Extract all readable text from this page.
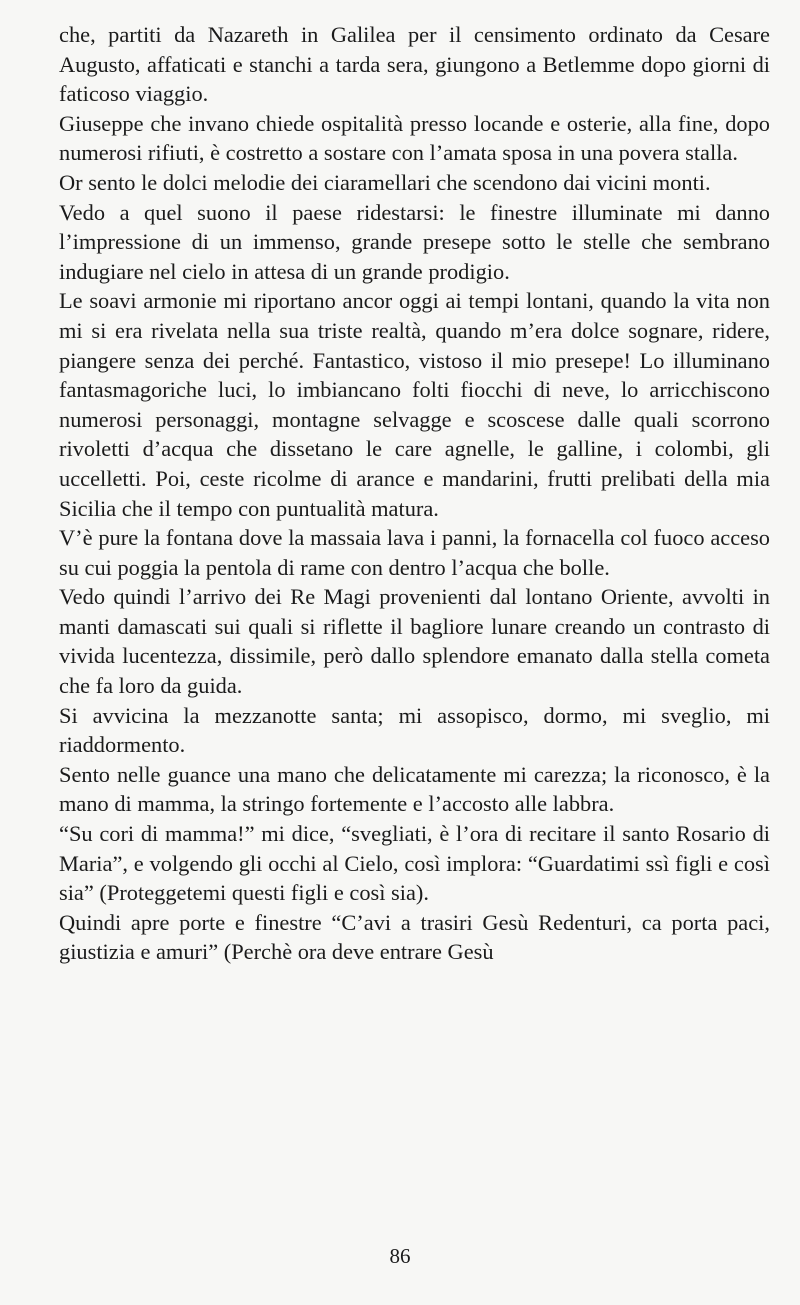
che, partiti da Nazareth in Galilea per il censimento ordinato da Cesare Augusto, affaticati e stanchi a tarda sera, giungono a Betlemme dopo giorni di faticoso viaggio.

Giuseppe che invano chiede ospitalità presso locande e osterie, alla fine, dopo numerosi rifiuti, è costretto a sostare con l’amata sposa in una povera stalla.

Or sento le dolci melodie dei ciaramellari che scendono dai vicini monti.

Vedo a quel suono il paese ridestarsi: le finestre illuminate mi danno l’impressione di un immenso, grande presepe sotto le stelle che sembrano indugiare nel cielo in attesa di un grande prodigio.

Le soavi armonie mi riportano ancor oggi ai tempi lontani, quando la vita non mi si era rivelata nella sua triste realtà, quando m’era dolce sognare, ridere, piangere senza dei perché. Fantastico, vistoso il mio presepe! Lo illuminano fantasmagoriche luci, lo imbiancano folti fiocchi di neve, lo arricchiscono numerosi personaggi, montagne selvagge e scoscese dalle quali scorrono rivoletti d’acqua che dissetano le care agnelle, le galline, i colombi, gli uccelletti. Poi, ceste ricolme di arance e mandarini, frutti prelibati della mia Sicilia che il tempo con puntualità matura.

V’è pure la fontana dove la massaia lava i panni, la fornacella col fuoco acceso su cui poggia la pentola di rame con dentro l’acqua che bolle.

Vedo quindi l’arrivo dei Re Magi provenienti dal lontano Oriente, avvolti in manti damascati sui quali si riflette il bagliore lunare creando un contrasto di vivida lucentezza, dissimile, però dallo splendore emanato dalla stella cometa che fa loro da guida.

Si avvicina la mezzanotte santa; mi assopisco, dormo, mi sveglio, mi riaddormento.

Sento nelle guance una mano che delicatamente mi carezza; la riconosco, è la mano di mamma, la stringo fortemente e l’accosto alle labbra.

“Su cori di mamma!” mi dice, “svegliati, è l’ora di recitare il santo Rosario di Maria”, e volgendo gli occhi al Cielo, così implora: “Guardatimi ssì figli e così sia” (Proteggetemi questi figli e così sia).

Quindi apre porte e finestre “C’avi a trasiri Gesù Redenturi, ca porta paci, giustizia e amuri” (Perchè ora deve entrare Gesù

86
